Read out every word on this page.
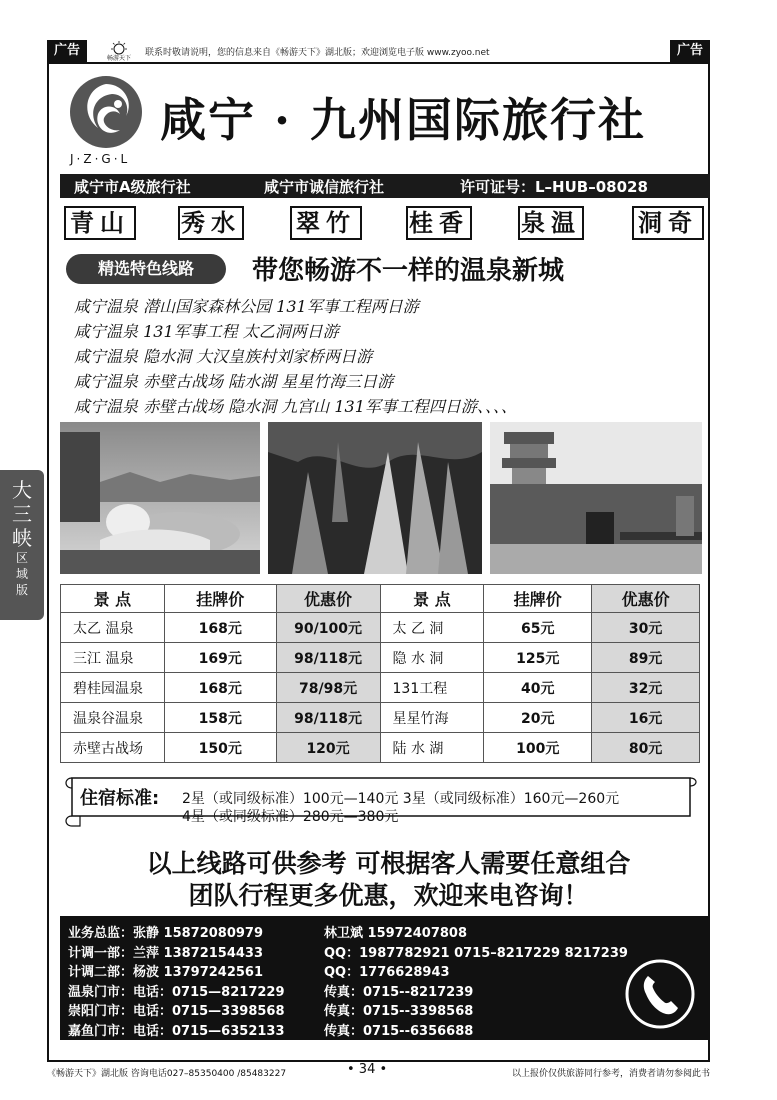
广告
畅游天下
联系时敬请说明，您的信息来自《畅游天下》湖北版；欢迎浏览电子版 www.zyoo.net	广告
J·Z·G·L
咸宁 · 九州国际旅行社
咸宁市A级旅行社	咸宁市诚信旅行社	许可证号：L–HUB–08028
青山 秀水 翠竹 桂香 泉温 洞奇
精选特色线路	带您畅游不一样的温泉新城
咸宁温泉 潜山国家森林公园 131军事工程两日游
咸宁温泉 131军事工程 太乙洞两日游
咸宁温泉 隐水洞 大汉皇族村刘家桥两日游
咸宁温泉 赤壁古战场 陆水湖 星星竹海三日游
咸宁温泉 赤壁古战场 隐水洞 九宫山 131军事工程四日游、、、、
大
三
峡
区
域
版	景 点	挂牌价	优惠价	景 点	挂牌价	优惠价
太乙 温泉	168元	90/100元	太 乙 洞	65元	30元
三江 温泉	169元	98/118元	隐 水 洞	125元	89元
碧桂园温泉	168元	78/98元	131工程	40元	32元
温泉谷温泉	158元	98/118元	星星竹海	20元	16元
赤壁古战场	150元	120元	陆 水 湖	100元	80元
住宿标准: 2星（或同级标准）100元—140元 3星（或同级标准）160元—260元
4星（或同级标准）280元—380元
以上线路可供参考 可根据客人需要任意组合
团队行程更多优惠，欢迎来电咨询！
业务总监：张静 15872080979	林卫斌 15972407808
计调一部：兰萍 13872154433	QQ：1987782921 0715–8217229 8217239
计调二部：杨波 13797242561	QQ：1776628943
温泉门市：电话：0715—8217229	传真：0715--8217239
崇阳门市：电话：0715—3398568	传真：0715--3398568
嘉鱼门市：电话：0715—6352133	传真：0715--6356688
《畅游天下》湖北版 咨询电话027–85350400 /85483227	• 34 •	以上报价仅供旅游同行参考，消费者请勿参阅此书
